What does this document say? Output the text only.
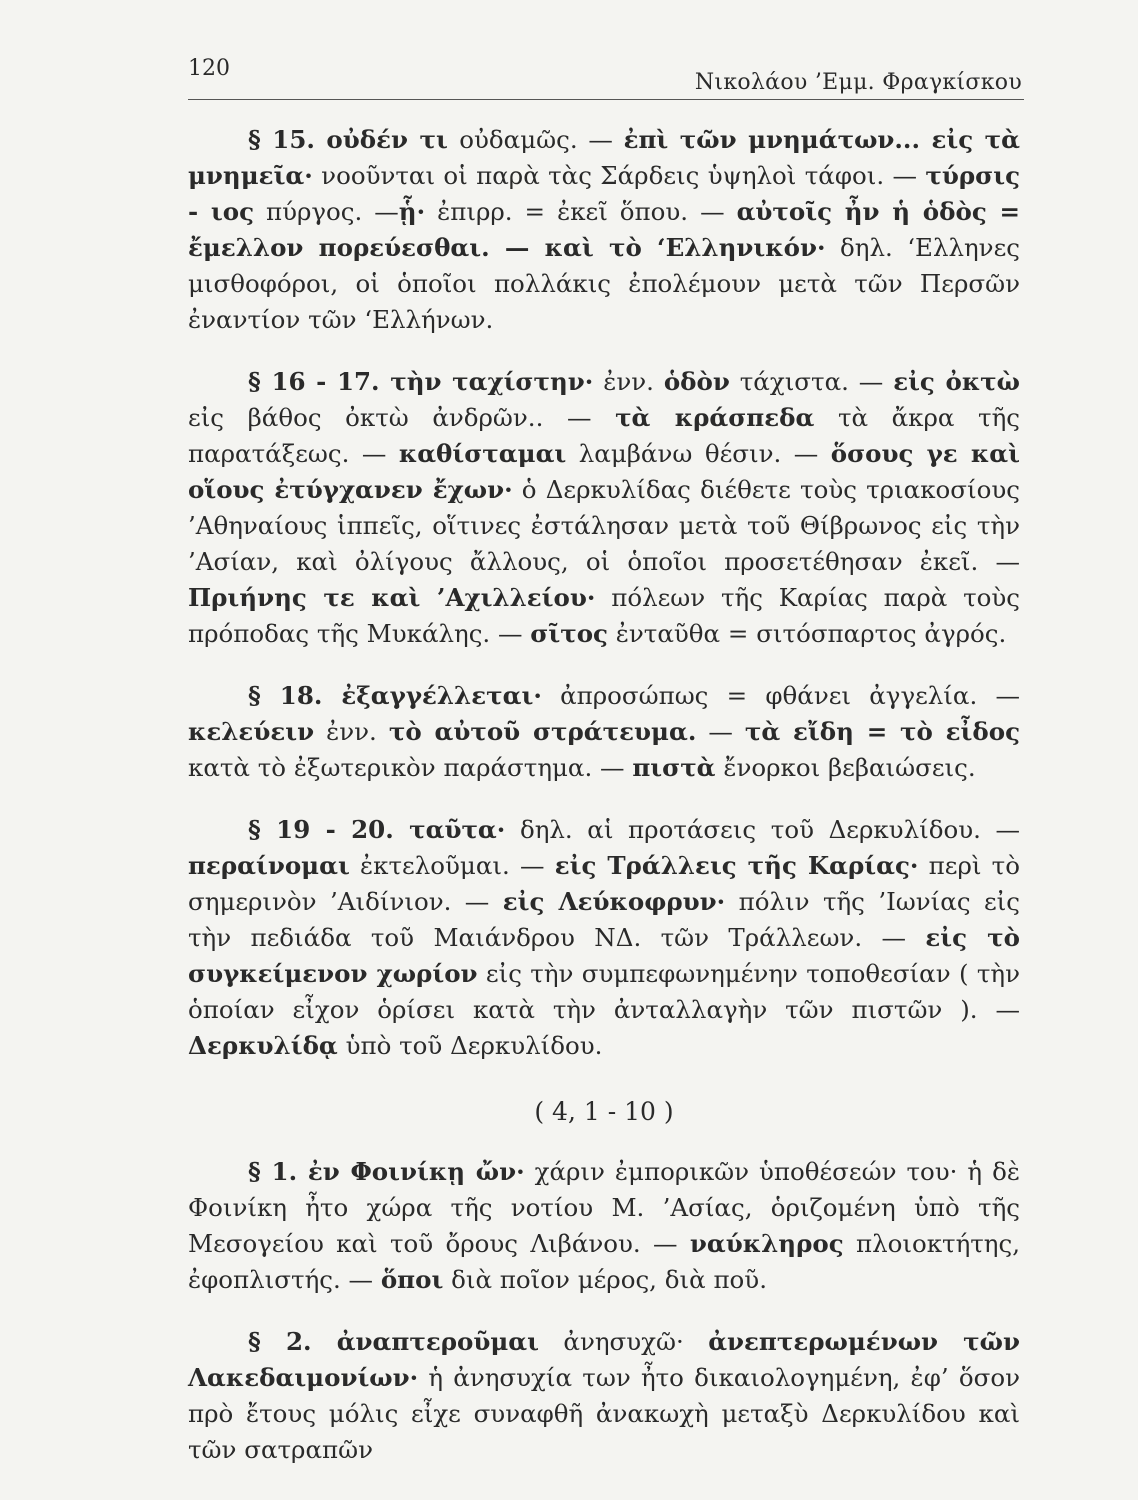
120
Νικολάου ’Εμμ. Φραγκίσκου

§ 15. οὐδέν τι οὐδαμῶς. — ἐπὶ τῶν μνημάτων... εἰς τὰ μνημεῖα· νοοῦνται οἱ παρὰ τὰς Σάρδεις ὑψηλοὶ τάφοι. — τύρσις - ιος πύργος. —ᾗ· ἐπιρρ. = ἐκεῖ ὅπου. — αὐτοῖς ἦν ἡ ὁδὸς = ἔμελλον πορεύεσθαι. — καὶ τὸ ‘Ελληνικόν· δηλ. ‘Ελληνες μισθοφόροι, οἱ ὁποῖοι πολλάκις ἐπολέμουν μετὰ τῶν Περσῶν ἐναντίον τῶν ‘Ελλήνων.

§ 16 - 17. τὴν ταχίστην· ἐνν. ὁδὸν τάχιστα. — εἰς ὀκτὼ εἰς βάθος ὀκτὼ ἀνδρῶν.. — τὰ κράσπεδα τὰ ἄκρα τῆς παρατάξεως. — καθίσταμαι λαμβάνω θέσιν. — ὅσους γε καὶ οἵους ἐτύγχανεν ἔχων· ὁ Δερκυλίδας διέθετε τοὺς τριακοσίους ’Αθηναίους ἱππεῖς, οἵτινες ἐστάλησαν μετὰ τοῦ Θίβρωνος εἰς τὴν ’Ασίαν, καὶ ὀλίγους ἄλλους, οἱ ὁποῖοι προσετέθησαν ἐκεῖ. — Πριήνης τε καὶ ’Αχιλλείου· πόλεων τῆς Καρίας παρὰ τοὺς πρόποδας τῆς Μυκάλης. — σῖτος ἐνταῦθα = σιτόσπαρτος ἀγρός.

§ 18. ἐξαγγέλλεται· ἀπροσώπως = φθάνει ἀγγελία. — κελεύειν ἐνν. τὸ αὐτοῦ στράτευμα. — τὰ εἴδη = τὸ εἶδος κατὰ τὸ ἐξωτερικὸν παράστημα. — πιστὰ ἔνορκοι βεβαιώσεις.

§ 19 - 20. ταῦτα· δηλ. αἱ προτάσεις τοῦ Δερκυλίδου. — περαίνομαι ἐκτελοῦμαι. — εἰς Τράλλεις τῆς Καρίας· περὶ τὸ σημερινὸν ’Αιδίνιον. — εἰς Λεύκοφρυν· πόλιν τῆς ’Ιωνίας εἰς τὴν πεδιάδα τοῦ Μαιάνδρου ΝΔ. τῶν Τράλλεων. — εἰς τὸ συγκείμενον χωρίον εἰς τὴν συμπεφωνημένην τοποθεσίαν ( τὴν ὁποίαν εἶχον ὁρίσει κατὰ τὴν ἀνταλλαγὴν τῶν πιστῶν ). — Δερκυλίδᾳ ὑπὸ τοῦ Δερκυλίδου.

( 4, 1 - 10 )

§ 1. ἐν Φοινίκῃ ὤν· χάριν ἐμπορικῶν ὑποθέσεών του· ἡ δὲ Φοινίκη ἦτο χώρα τῆς νοτίου Μ. ’Ασίας, ὁριζομένη ὑπὸ τῆς Μεσογείου καὶ τοῦ ὄρους Λιβάνου. — ναύκληρος πλοιοκτήτης, ἐφοπλιστής. — ὅποι διὰ ποῖον μέρος, διὰ ποῦ.

§ 2. ἀναπτεροῦμαι ἀνησυχῶ· ἀνεπτερωμένων τῶν Λακεδαιμονίων· ἡ ἀνησυχία των ἦτο δικαιολογημένη, ἐφ’ ὅσον πρὸ ἔτους μόλις εἶχε συναφθῆ ἀνακωχὴ μεταξὺ Δερκυλίδου καὶ τῶν σατραπῶν
